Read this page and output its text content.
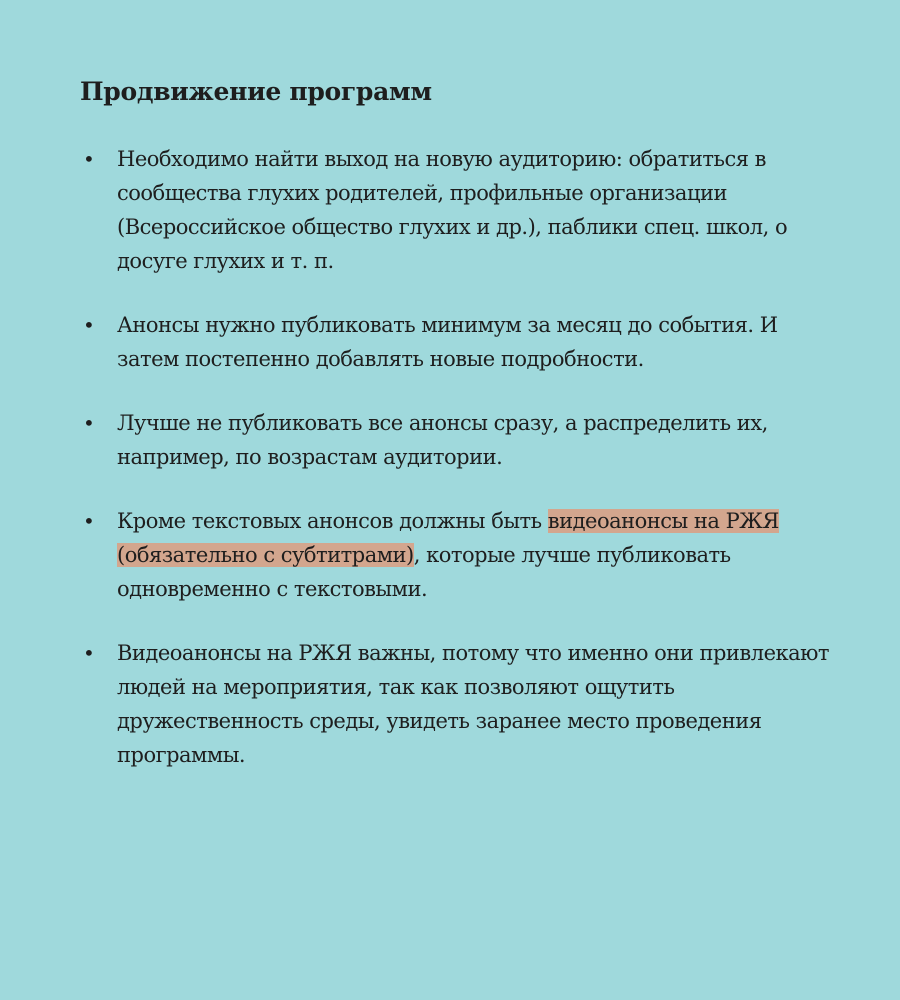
Продвижение программ
• Необходимо найти выход на новую аудиторию: обратиться в сообщества глухих родителей, профильные организации (Всероссийское общество глухих и др.), паблики спец. школ, о досуге глухих и т. п.
• Анонсы нужно публиковать минимум за месяц до события. И затем постепенно добавлять новые подробности.
• Лучше не публиковать все анонсы сразу, а распределить их, например, по возрастам аудитории.
• Кроме текстовых анонсов должны быть видеоанонсы на РЖЯ (обязательно с субтитрами), которые лучше публиковать одновременно с текстовыми.
• Видеоанонсы на РЖЯ важны, потому что именно они привлекают людей на мероприятия, так как позволяют ощутить дружественность среды, увидеть заранее место проведения программы.
